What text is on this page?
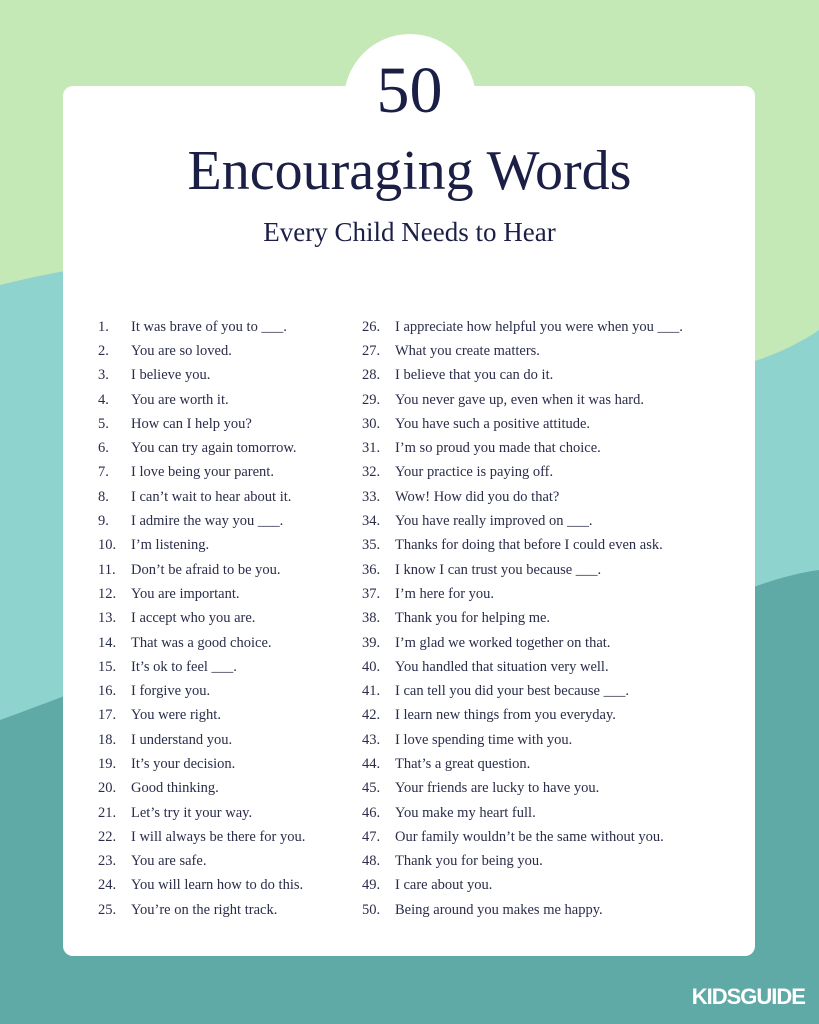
50
Encouraging Words
Every Child Needs to Hear
1.	It was brave of you to ___.
2.	You are so loved.
3.	I believe you.
4.	You are worth it.
5.	How can I help you?
6.	You can try again tomorrow.
7.	I love being your parent.
8.	I can’t wait to hear about it.
9.	I admire the way you ___.
10.	I’m listening.
11.	Don’t be afraid to be you.
12.	You are important.
13.	I accept who you are.
14.	That was a good choice.
15.	It’s ok to feel ___.
16.	I forgive you.
17.	You were right.
18.	I understand you.
19.	It’s your decision.
20.	Good thinking.
21.	Let’s try it your way.
22.	I will always be there for you.
23.	You are safe.
24.	You will learn how to do this.
25.	You’re on the right track.
26.	I appreciate how helpful you were when you ___.
27.	What you create matters.
28.	I believe that you can do it.
29.	You never gave up, even when it was hard.
30.	You have such a positive attitude.
31.	I’m so proud you made that choice.
32.	Your practice is paying off.
33.	Wow! How did you do that?
34.	You have really improved on ___.
35.	Thanks for doing that before I could even ask.
36.	I know I can trust you because ___.
37.	I’m here for you.
38.	Thank you for helping me.
39.	I’m glad we worked together on that.
40.	You handled that situation very well.
41.	I can tell you did your best because ___.
42.	I learn new things from you everyday.
43.	I love spending time with you.
44.	That’s a great question.
45.	Your friends are lucky to have you.
46.	You make my heart full.
47.	Our family wouldn’t be the same without you.
48.	Thank you for being you.
49.	I care about you.
50.	Being around you makes me happy.
KIDSGUIDE
